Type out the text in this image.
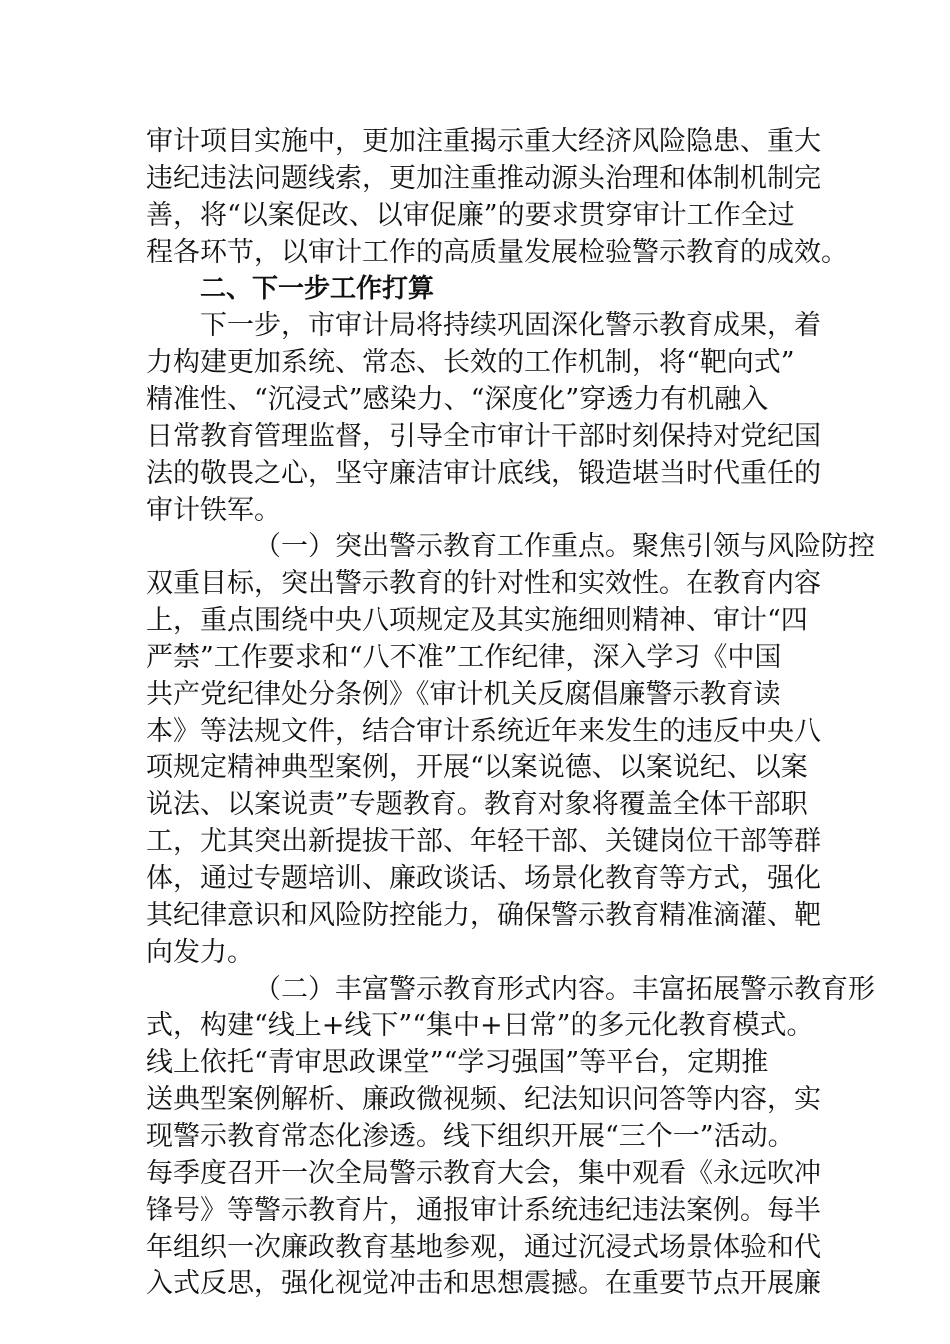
审计项目实施中，更加注重揭示重大经济风险隐患、重大
违纪违法问题线索，更加注重推动源头治理和体制机制完
善，将“以案促改、以审促廉”的要求贯穿审计工作全过
程各环节，以审计工作的高质量发展检验警示教育的成效。
二、下一步工作打算
下一步，市审计局将持续巩固深化警示教育成果，着
力构建更加系统、常态、长效的工作机制，将“靶向式”
精准性、“沉浸式”感染力、“深度化”穿透力有机融入
日常教育管理监督，引导全市审计干部时刻保持对党纪国
法的敬畏之心，坚守廉洁审计底线，锻造堪当时代重任的
审计铁军。
（一）突出警示教育工作重点。聚焦引领与风险防控
双重目标，突出警示教育的针对性和实效性。在教育内容
上，重点围绕中央八项规定及其实施细则精神、审计“四
严禁”工作要求和“八不准”工作纪律，深入学习《中国
共产党纪律处分条例》《审计机关反腐倡廉警示教育读
本》等法规文件，结合审计系统近年来发生的违反中央八
项规定精神典型案例，开展“以案说德、以案说纪、以案
说法、以案说责”专题教育。教育对象将覆盖全体干部职
工，尤其突出新提拔干部、年轻干部、关键岗位干部等群
体，通过专题培训、廉政谈话、场景化教育等方式，强化
其纪律意识和风险防控能力，确保警示教育精准滴灌、靶
向发力。
（二）丰富警示教育形式内容。丰富拓展警示教育形
式，构建“线上+线下”“集中+日常”的多元化教育模式。
线上依托“青审思政课堂”“学习强国”等平台，定期推
送典型案例解析、廉政微视频、纪法知识问答等内容，实
现警示教育常态化渗透。线下组织开展“三个一”活动。
每季度召开一次全局警示教育大会，集中观看《永远吹冲
锋号》等警示教育片，通报审计系统违纪违法案例。每半
年组织一次廉政教育基地参观，通过沉浸式场景体验和代
入式反思，强化视觉冲击和思想震撼。在重要节点开展廉
